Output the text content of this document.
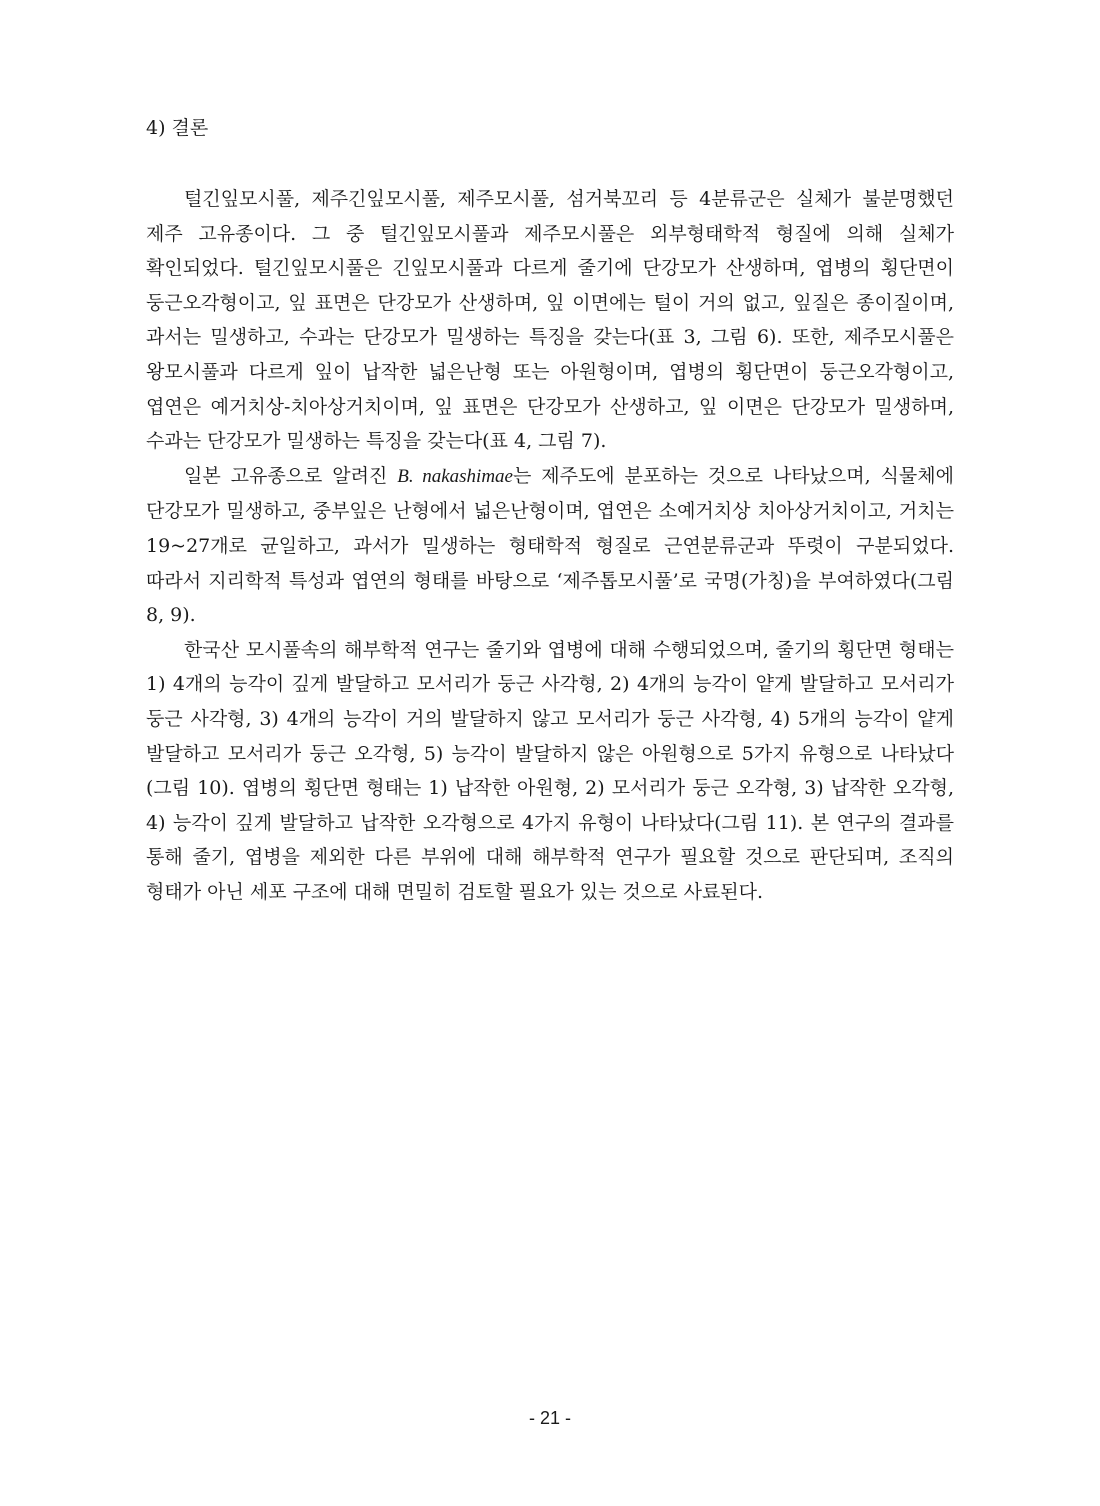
4) 결론

털긴잎모시풀, 제주긴잎모시풀, 제주모시풀, 섬거북꼬리 등 4분류군은 실체가 불분명했던 제주 고유종이다. 그 중 털긴잎모시풀과 제주모시풀은 외부형태학적 형질에 의해 실체가 확인되었다. 털긴잎모시풀은 긴잎모시풀과 다르게 줄기에 단강모가 산생하며, 엽병의 횡단면이 둥근오각형이고, 잎 표면은 단강모가 산생하며, 잎 이면에는 털이 거의 없고, 잎질은 종이질이며, 과서는 밀생하고, 수과는 단강모가 밀생하는 특징을 갖는다(표 3, 그림 6). 또한, 제주모시풀은 왕모시풀과 다르게 잎이 납작한 넓은난형 또는 아원형이며, 엽병의 횡단면이 둥근오각형이고, 엽연은 예거치상-치아상거치이며, 잎 표면은 단강모가 산생하고, 잎 이면은 단강모가 밀생하며, 수과는 단강모가 밀생하는 특징을 갖는다(표 4, 그림 7).

일본 고유종으로 알려진 B. nakashimae는 제주도에 분포하는 것으로 나타났으며, 식물체에 단강모가 밀생하고, 중부잎은 난형에서 넓은난형이며, 엽연은 소예거치상 치아상거치이고, 거치는 19~27개로 균일하고, 과서가 밀생하는 형태학적 형질로 근연분류군과 뚜렷이 구분되었다. 따라서 지리학적 특성과 엽연의 형태를 바탕으로 ‘제주톱모시풀’로 국명(가칭)을 부여하였다(그림 8, 9).

한국산 모시풀속의 해부학적 연구는 줄기와 엽병에 대해 수행되었으며, 줄기의 횡단면 형태는 1) 4개의 능각이 깊게 발달하고 모서리가 둥근 사각형, 2) 4개의 능각이 얕게 발달하고 모서리가 둥근 사각형, 3) 4개의 능각이 거의 발달하지 않고 모서리가 둥근 사각형, 4) 5개의 능각이 얕게 발달하고 모서리가 둥근 오각형, 5) 능각이 발달하지 않은 아원형으로 5가지 유형으로 나타났다(그림 10). 엽병의 횡단면 형태는 1) 납작한 아원형, 2) 모서리가 둥근 오각형, 3) 납작한 오각형, 4) 능각이 깊게 발달하고 납작한 오각형으로 4가지 유형이 나타났다(그림 11). 본 연구의 결과를 통해 줄기, 엽병을 제외한 다른 부위에 대해 해부학적 연구가 필요할 것으로 판단되며, 조직의 형태가 아닌 세포 구조에 대해 면밀히 검토할 필요가 있는 것으로 사료된다.

- 21 -
